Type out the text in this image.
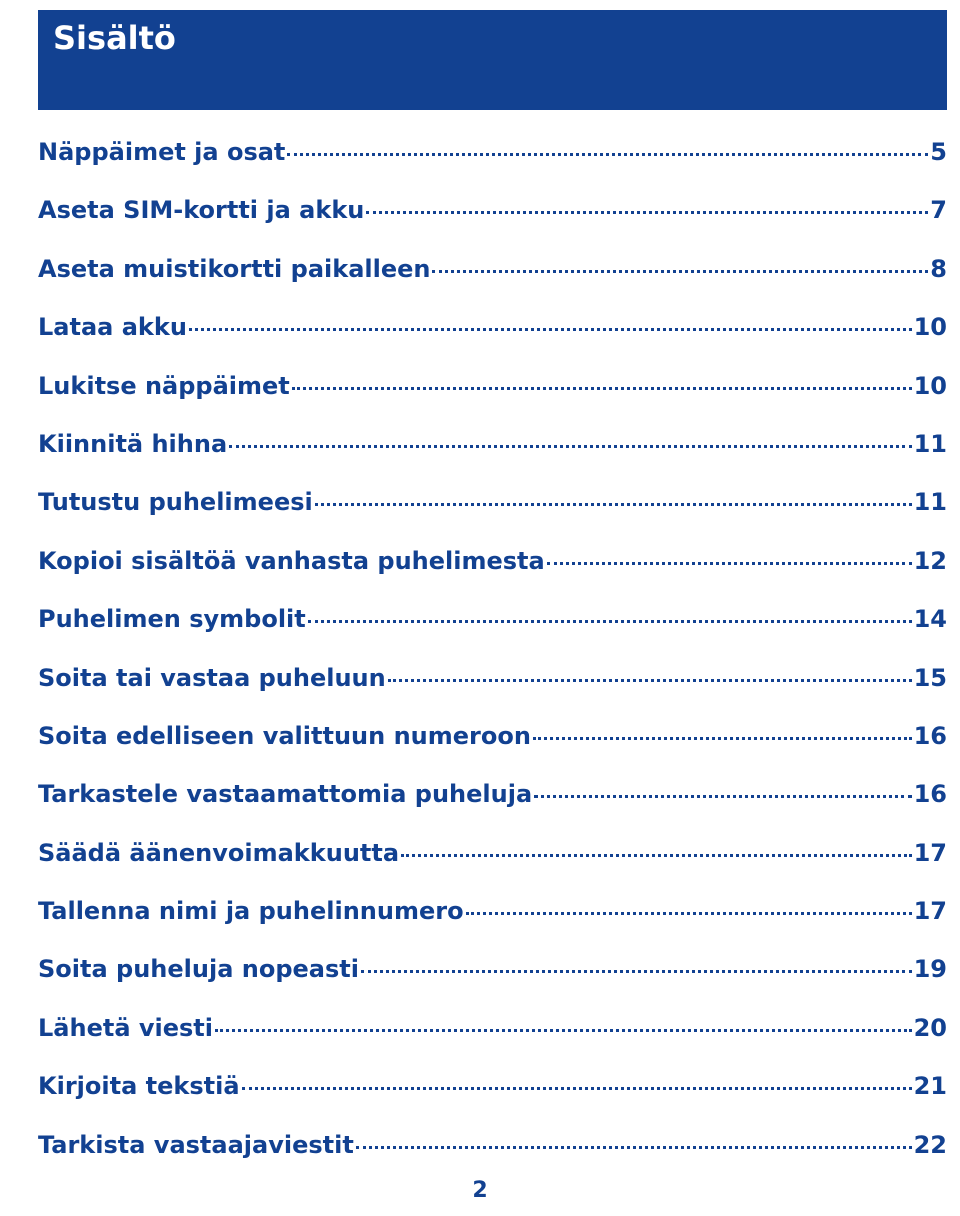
Sisältö
Näppäimet ja osat	5
Aseta SIM-kortti ja akku	7
Aseta muistikortti paikalleen	8
Lataa akku	10
Lukitse näppäimet	10
Kiinnitä hihna	11
Tutustu puhelimeesi	11
Kopioi sisältöä vanhasta puhelimesta	12
Puhelimen symbolit	14
Soita tai vastaa puheluun	15
Soita edelliseen valittuun numeroon	16
Tarkastele vastaamattomia puheluja	16
Säädä äänenvoimakkuutta	17
Tallenna nimi ja puhelinnumero	17
Soita puheluja nopeasti	19
Lähetä viesti	20
Kirjoita tekstiä	21
Tarkista vastaajaviestit	22
2
